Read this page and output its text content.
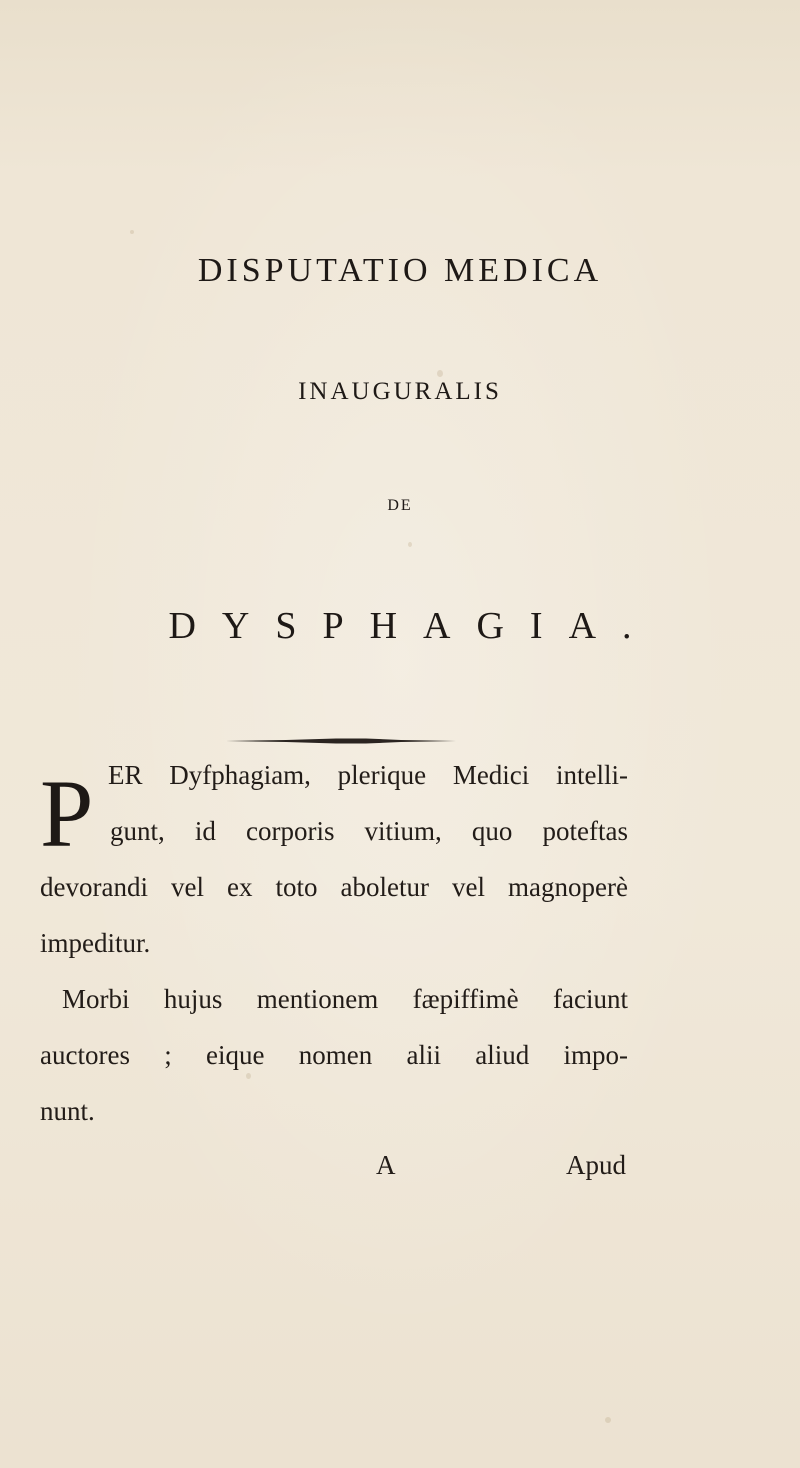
DISPUTATIO MEDICA
INAUGURALIS
DE
DYSPHAGIA.
P ER Dyfphagiam, plerique Medici intelli-
gunt, id corporis vitium, quo poteftas
devorandi vel ex toto aboletur vel magnoperè
impeditur.
Morbi hujus mentionem fæpiffimè faciunt
auctores ; eique nomen alii aliud impo-
nunt.
A	Apud
